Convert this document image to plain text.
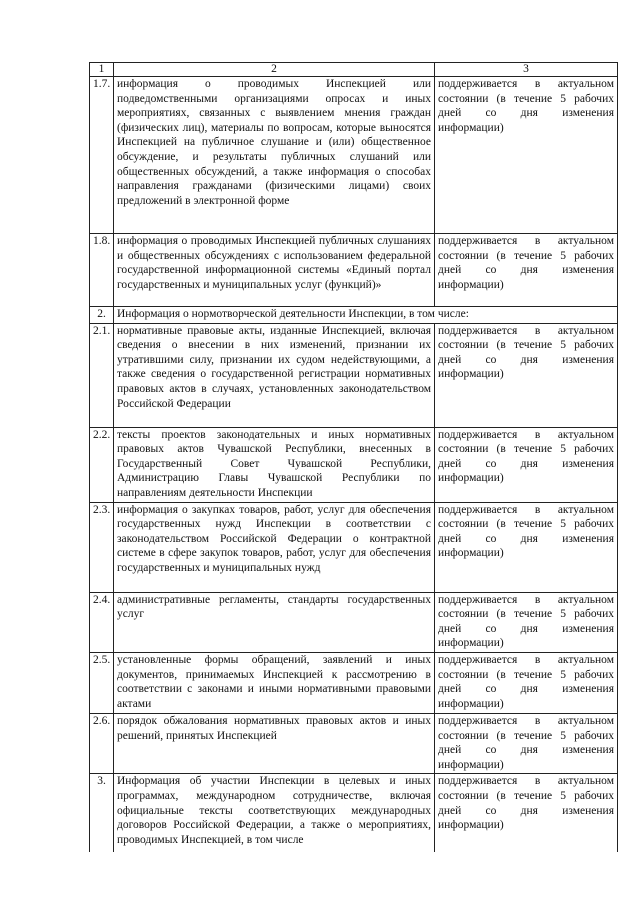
1	2	3
1.7.	информация о проводимых Инспекцией или подведомственными организациями опросах и иных мероприятиях, связанных с выявлением мнения граждан (физических лиц), материалы по вопросам, которые выносятся Инспекцией на публичное слушание и (или) общественное обсуждение, и результаты публичных слушаний или общественных обсуждений, а также информация о способах направления гражданами (физическими лицами) своих предложений в электронной форме	поддерживается в актуальном состоянии (в течение 5 рабочих дней со дня изменения информации)
1.8.	информация о проводимых Инспекцией публичных слушаниях и общественных обсуждениях с использованием федеральной государственной информационной системы «Единый портал государственных и муниципальных услуг (функций)»	поддерживается в актуальном состоянии (в течение 5 рабочих дней со дня изменения информации)
2.	Информация о нормотворческой деятельности Инспекции, в том числе:	
2.1.	нормативные правовые акты, изданные Инспекцией, включая сведения о внесении в них изменений, признании их утратившими силу, признании их судом недействующими, а также сведения о государственной регистрации нормативных правовых актов в случаях, установленных законодательством Российской Федерации	поддерживается в актуальном состоянии (в течение 5 рабочих дней со дня изменения информации)
2.2.	тексты проектов законодательных и иных нормативных правовых актов Чувашской Республики, внесенных в Государственный Совет Чувашской Республики, Администрацию Главы Чувашской Республики по направлениям деятельности Инспекции	поддерживается в актуальном состоянии (в течение 5 рабочих дней со дня изменения информации)
2.3.	информация о закупках товаров, работ, услуг для обеспечения государственных нужд Инспекции в соответствии с законодательством Российской Федерации о контрактной системе в сфере закупок товаров, работ, услуг для обеспечения государственных и муниципальных нужд	поддерживается в актуальном состоянии (в течение 5 рабочих дней со дня изменения информации)
2.4.	административные регламенты, стандарты государственных услуг	поддерживается в актуальном состоянии (в течение 5 рабочих дней со дня изменения информации)
2.5.	установленные формы обращений, заявлений и иных документов, принимаемых Инспекцией к рассмотрению в соответствии с законами и иными нормативными правовыми актами	поддерживается в актуальном состоянии (в течение 5 рабочих дней со дня изменения информации)
2.6.	порядок обжалования нормативных правовых актов и иных решений, принятых Инспекцией	поддерживается в актуальном состоянии (в течение 5 рабочих дней со дня изменения информации)
3.	Информация об участии Инспекции в целевых и иных программах, международном сотрудничестве, включая официальные тексты соответствующих международных договоров Российской Федерации, а также о мероприятиях, проводимых Инспекцией, в том числе	поддерживается в актуальном состоянии (в течение 5 рабочих дней со дня изменения информации)
